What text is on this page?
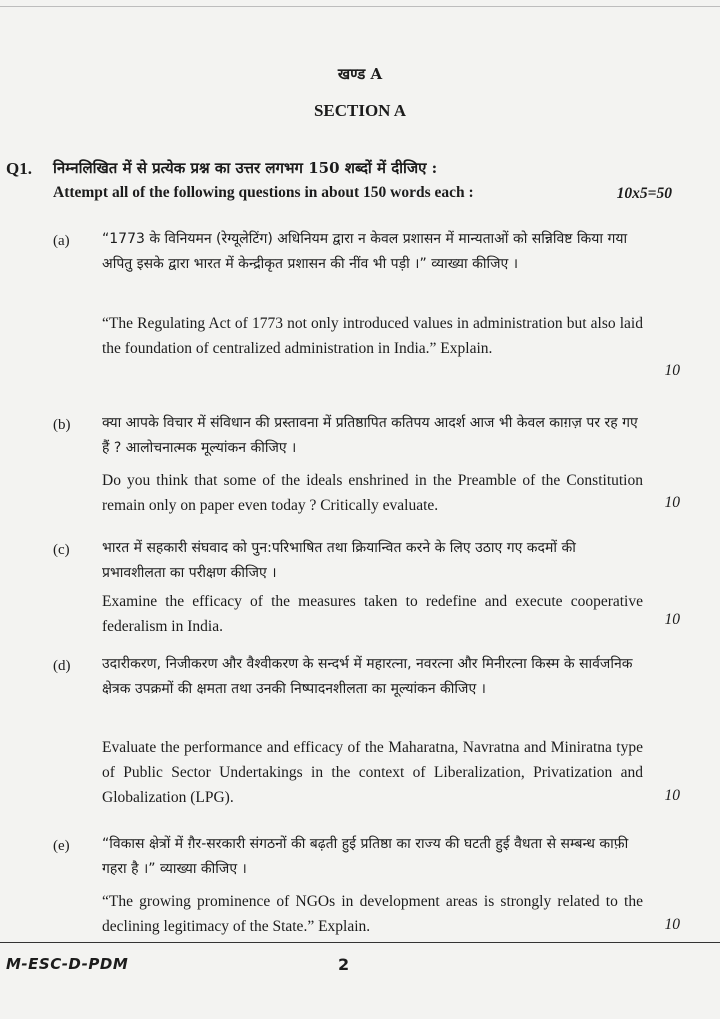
खण्ड A
SECTION A
Q1. निम्नलिखित में से प्रत्येक प्रश्न का उत्तर लगभग 150 शब्दों में दीजिए :
Attempt all of the following questions in about 150 words each :	10x5=50
(a) “1773 के विनियमन (रेग्यूलेटिंग) अधिनियम द्वारा न केवल प्रशासन में मान्यताओं को सन्निविष्ट किया गया अपितु इसके द्वारा भारत में केन्द्रीकृत प्रशासन की नींव भी पड़ी ।” व्याख्या कीजिए ।
“The Regulating Act of 1773 not only introduced values in administration but also laid the foundation of centralized administration in India.” Explain.
10
(b) क्या आपके विचार में संविधान की प्रस्तावना में प्रतिष्ठापित कतिपय आदर्श आज भी केवल काग़ज़ पर रह गए हैं ? आलोचनात्मक मूल्यांकन कीजिए ।
Do you think that some of the ideals enshrined in the Preamble of the Constitution remain only on paper even today ? Critically evaluate.	10
(c) भारत में सहकारी संघवाद को पुन:परिभाषित तथा क्रियान्वित करने के लिए उठाए गए कदमों की प्रभावशीलता का परीक्षण कीजिए ।
Examine the efficacy of the measures taken to redefine and execute cooperative federalism in India.	10
(d) उदारीकरण, निजीकरण और वैश्वीकरण के सन्दर्भ में महारत्ना, नवरत्ना और मिनीरत्ना किस्म के सार्वजनिक क्षेत्रक उपक्रमों की क्षमता तथा उनकी निष्पादनशीलता का मूल्यांकन कीजिए ।
Evaluate the performance and efficacy of the Maharatna, Navratna and Miniratna type of Public Sector Undertakings in the context of Liberalization, Privatization and Globalization (LPG).	10
(e) “विकास क्षेत्रों में ग़ैर-सरकारी संगठनों की बढ़ती हुई प्रतिष्ठा का राज्य की घटती हुई वैधता से सम्बन्ध काफ़ी गहरा है ।” व्याख्या कीजिए ।
“The growing prominence of NGOs in development areas is strongly related to the declining legitimacy of the State.” Explain.	10
M-ESC-D-PDM	2
